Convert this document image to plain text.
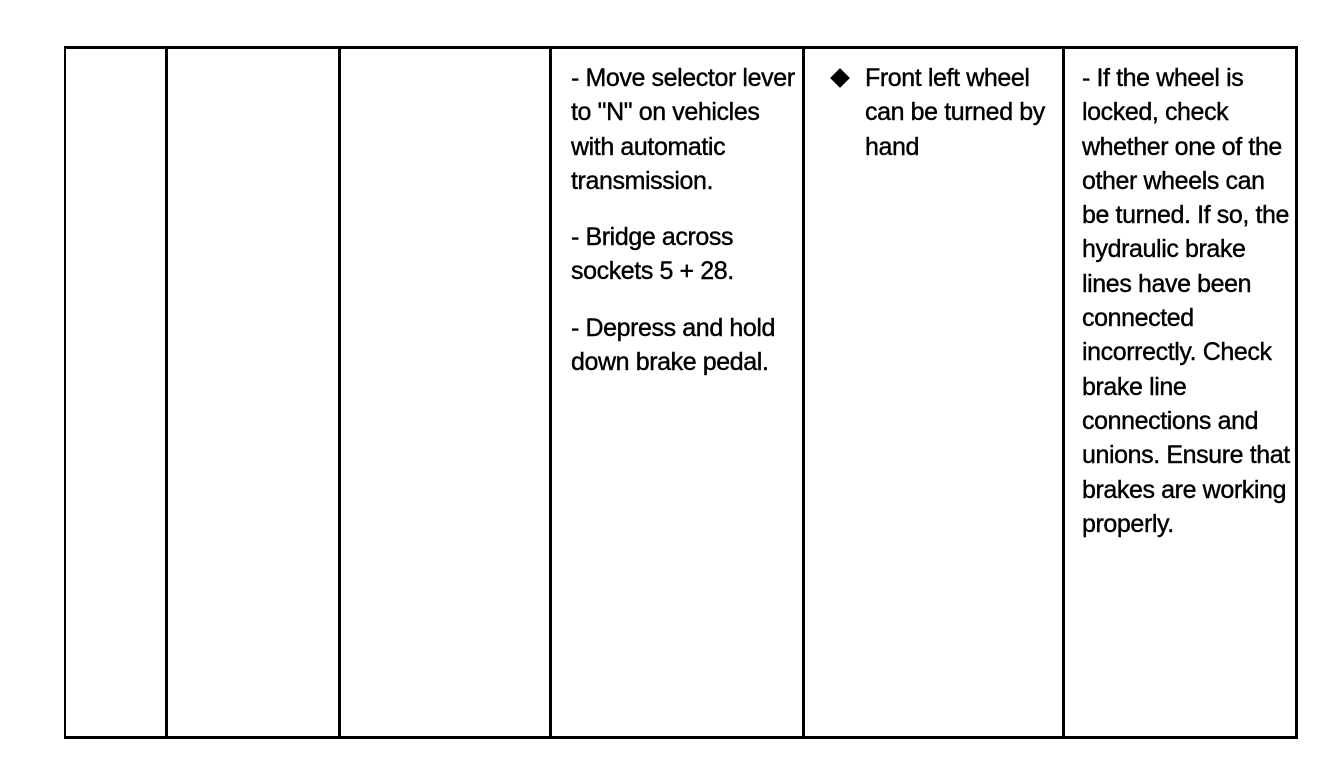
- Move selector lever to "N" on vehicles with automatic transmission.

- Bridge across sockets 5 + 28.

- Depress and hold down brake pedal.

Front left wheel can be turned by hand
- If the wheel is locked, check whether one of the other wheels can be turned. If so, the hydraulic brake lines have been connected incorrectly. Check brake line connections and unions. Ensure that brakes are working properly.
